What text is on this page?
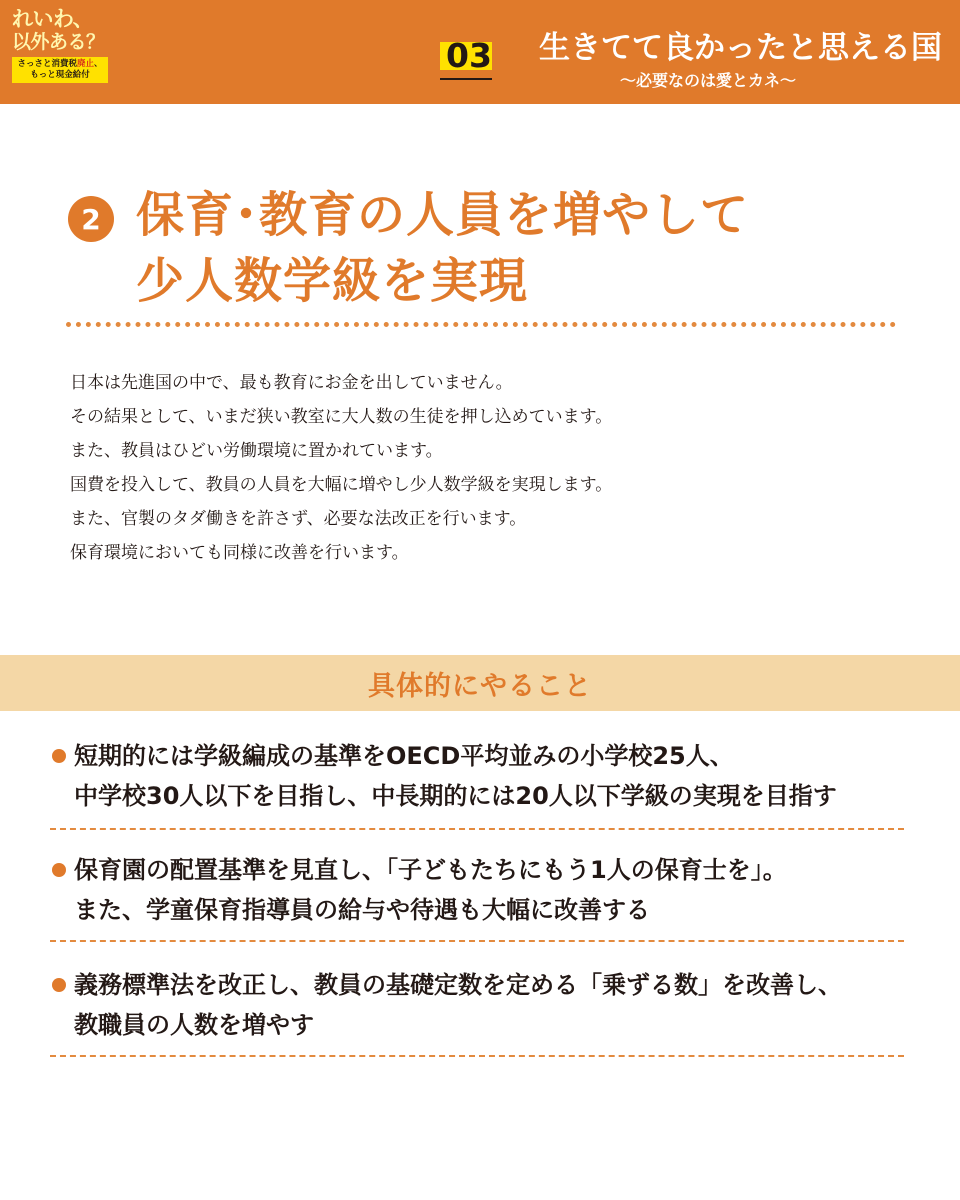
れいわ、
以外ある？
さっさと消費税廃止、
もっと現金給付	03 生きてて良かったと思える国
〜必要なのは愛とカネ〜
2 保育･教育の人員を増やして
少人数学級を実現
日本は先進国の中で、最も教育にお金を出していません。
その結果として、いまだ狭い教室に大人数の生徒を押し込めています。
また、教員はひどい労働環境に置かれています。
国費を投入して、教員の人員を大幅に増やし少人数学級を実現します。
また、官製のタダ働きを許さず、必要な法改正を行います。
保育環境においても同様に改善を行います。
具体的にやること
短期的には学級編成の基準をOECD平均並みの小学校25人、
中学校30人以下を目指し、中長期的には20人以下学級の実現を目指す
保育園の配置基準を見直し、「子どもたちにもう1人の保育士を」。
また、学童保育指導員の給与や待遇も大幅に改善する
義務標準法を改正し、教員の基礎定数を定める「乗ずる数」を改善し、
教職員の人数を増やす
